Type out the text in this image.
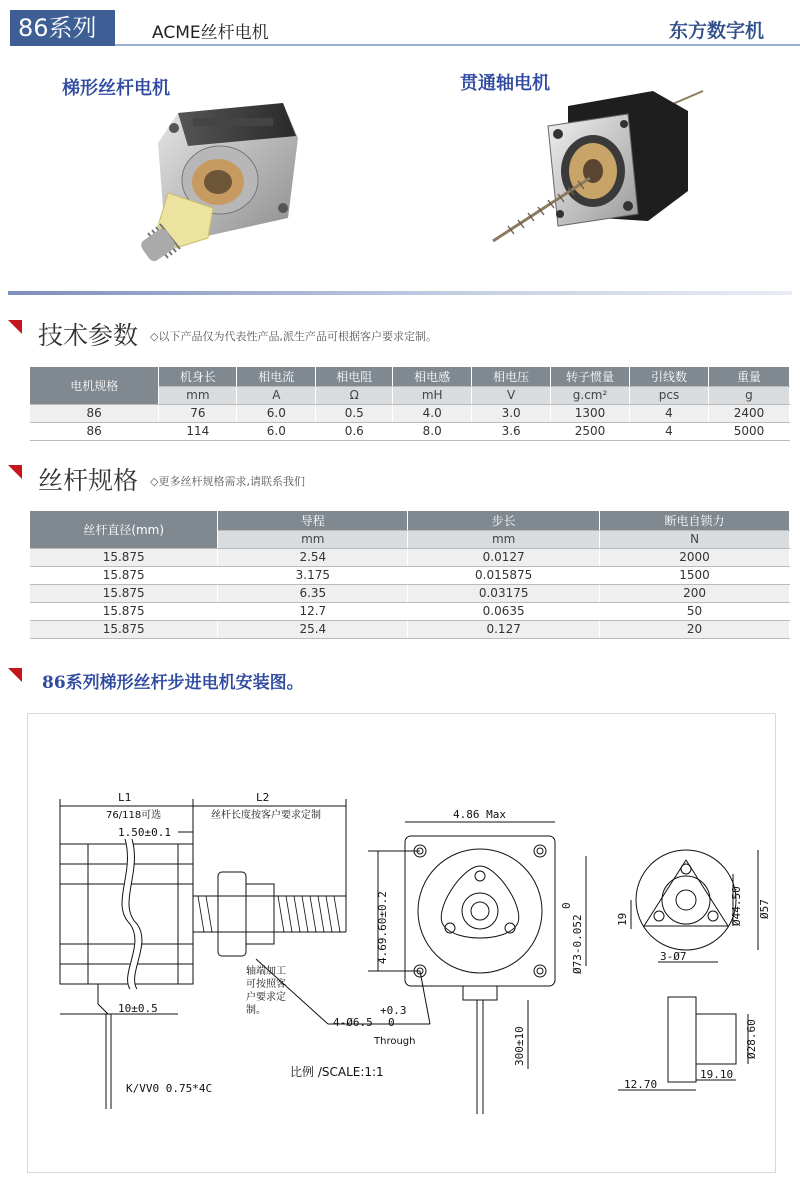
86系列	ACME丝杆电机	东方数字机
梯形丝杆电机	贯通轴电机
技术参数 ◇以下产品仅为代表性产品,派生产品可根据客户要求定制。
电机规格	机身长	相电流	相电阻	相电感	相电压	转子惯量	引线数	重量
	mm	A	Ω	mH	V	g.cm²	pcs	g
86	76	6.0	0.5	4.0	3.0	1300	4	2400
86	114	6.0	0.6	8.0	3.6	2500	4	5000
丝杆规格 ◇更多丝杆规格需求,请联系我们
丝杆直径(mm)	导程	步长	断电自锁力
	mm	mm	N
15.875	2.54	0.0127	2000
15.875	3.175	0.015875	1500
15.875	6.35	0.03175	200
15.875	12.7	0.0635	50
15.875	25.4	0.127	20
86系列梯形丝杆步进电机安装图。
L1
76/118可选
L2
丝杆长度按客户要求定制
1.50±0.1
10±0.5
轴端加工
可按照客
户要求定
制。
K/VV0 0.75*4C
比例 /SCALE:1:1
4.86 Max
4.69.60±0.2	Ø73-0.052
0
+0.3
4-Ø6.5 0
Through	300±10
19	Ø44.50 Ø57
3-Ø7
Ø28.60
12.70
19.10
